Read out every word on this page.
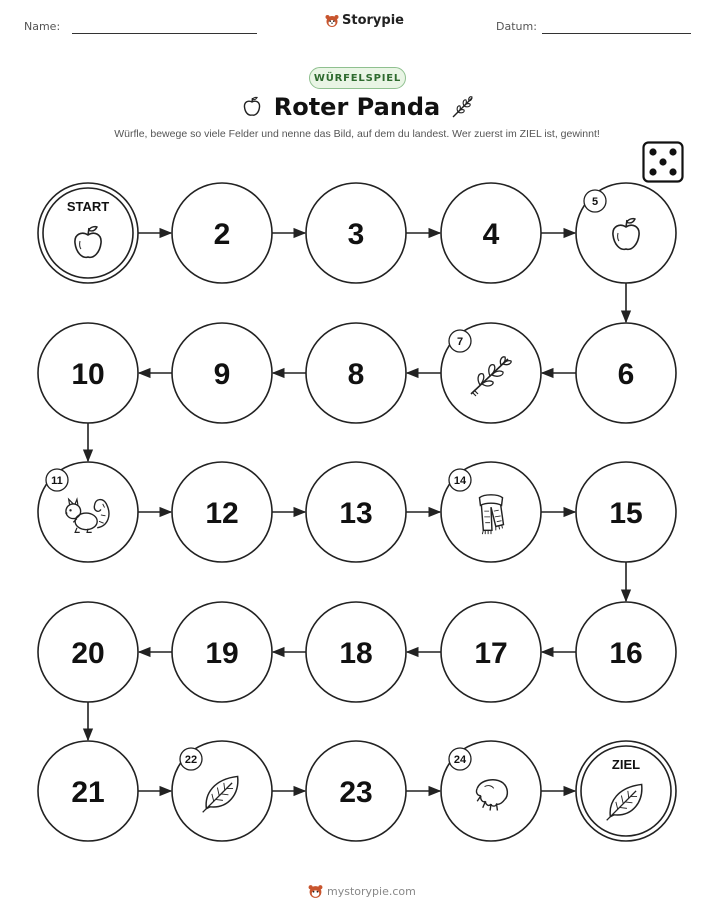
Name:	Storypie	Datum:
WÜRFELSPIEL
Roter Panda
Würfle, bewege so viele Felder und nenne das Bild, auf dem du landest. Wer zuerst im ZIEL ist, gewinnt!
START
2	3	4
5
6
7
8
9
10
11
12	13
14
15
16
17
18
19
20
21
22
23
24	ZIEL
mystorypie.com
